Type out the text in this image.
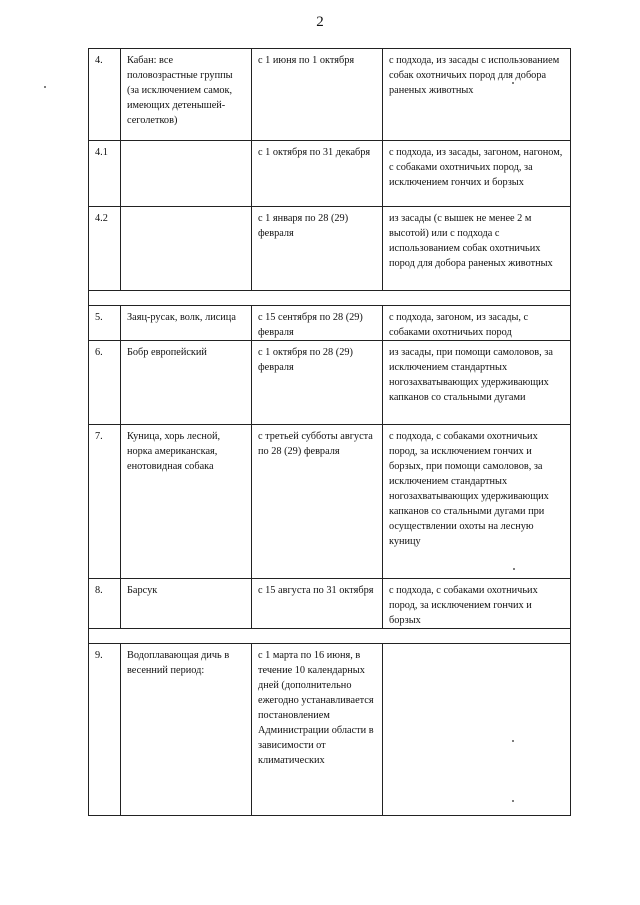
2
4.	Кабан: все половозрастные группы (за исключением самок, имеющих детенышей-сеголетков)	с 1 июня по 1 октября	с подхода, из засады с использованием собак охотничьих пород для добора раненых животных
4.1		с 1 октября по 31 декабря	с подхода, из засады, загоном, нагоном, с собаками охотничьих пород, за исключением гончих и борзых
4.2		с 1 января по 28 (29) февраля	из засады (с вышек не менее 2 м высотой) или с подхода с использованием собак охотничьих пород для добора раненых животных

5.	Заяц-русак, волк, лисица	с 15 сентября по 28 (29) февраля	с подхода, загоном, из засады, с собаками охотничьих пород
6.	Бобр европейский	с 1 октября по 28 (29) февраля	из засады, при помощи самоловов, за исключением стандартных ногозахватывающих удерживающих капканов со стальными дугами
7.	Куница, хорь лесной, норка американская, енотовидная собака	с третьей субботы августа по 28 (29) февраля	с подхода, с собаками охотничьих пород, за исключением гончих и борзых, при помощи самоловов, за исключением стандартных ногозахватывающих удерживающих капканов со стальными дугами при осуществлении охоты на лесную куницу
8.	Барсук	с 15 августа по 31 октября	с подхода, с собаками охотничьих пород, за исключением гончих и борзых

9.	Водоплавающая дичь в весенний период:	с 1 марта по 16 июня, в течение 10 календарных дней (дополнительно ежегодно устанавливается постановлением Администрации области в зависимости от климатических	
